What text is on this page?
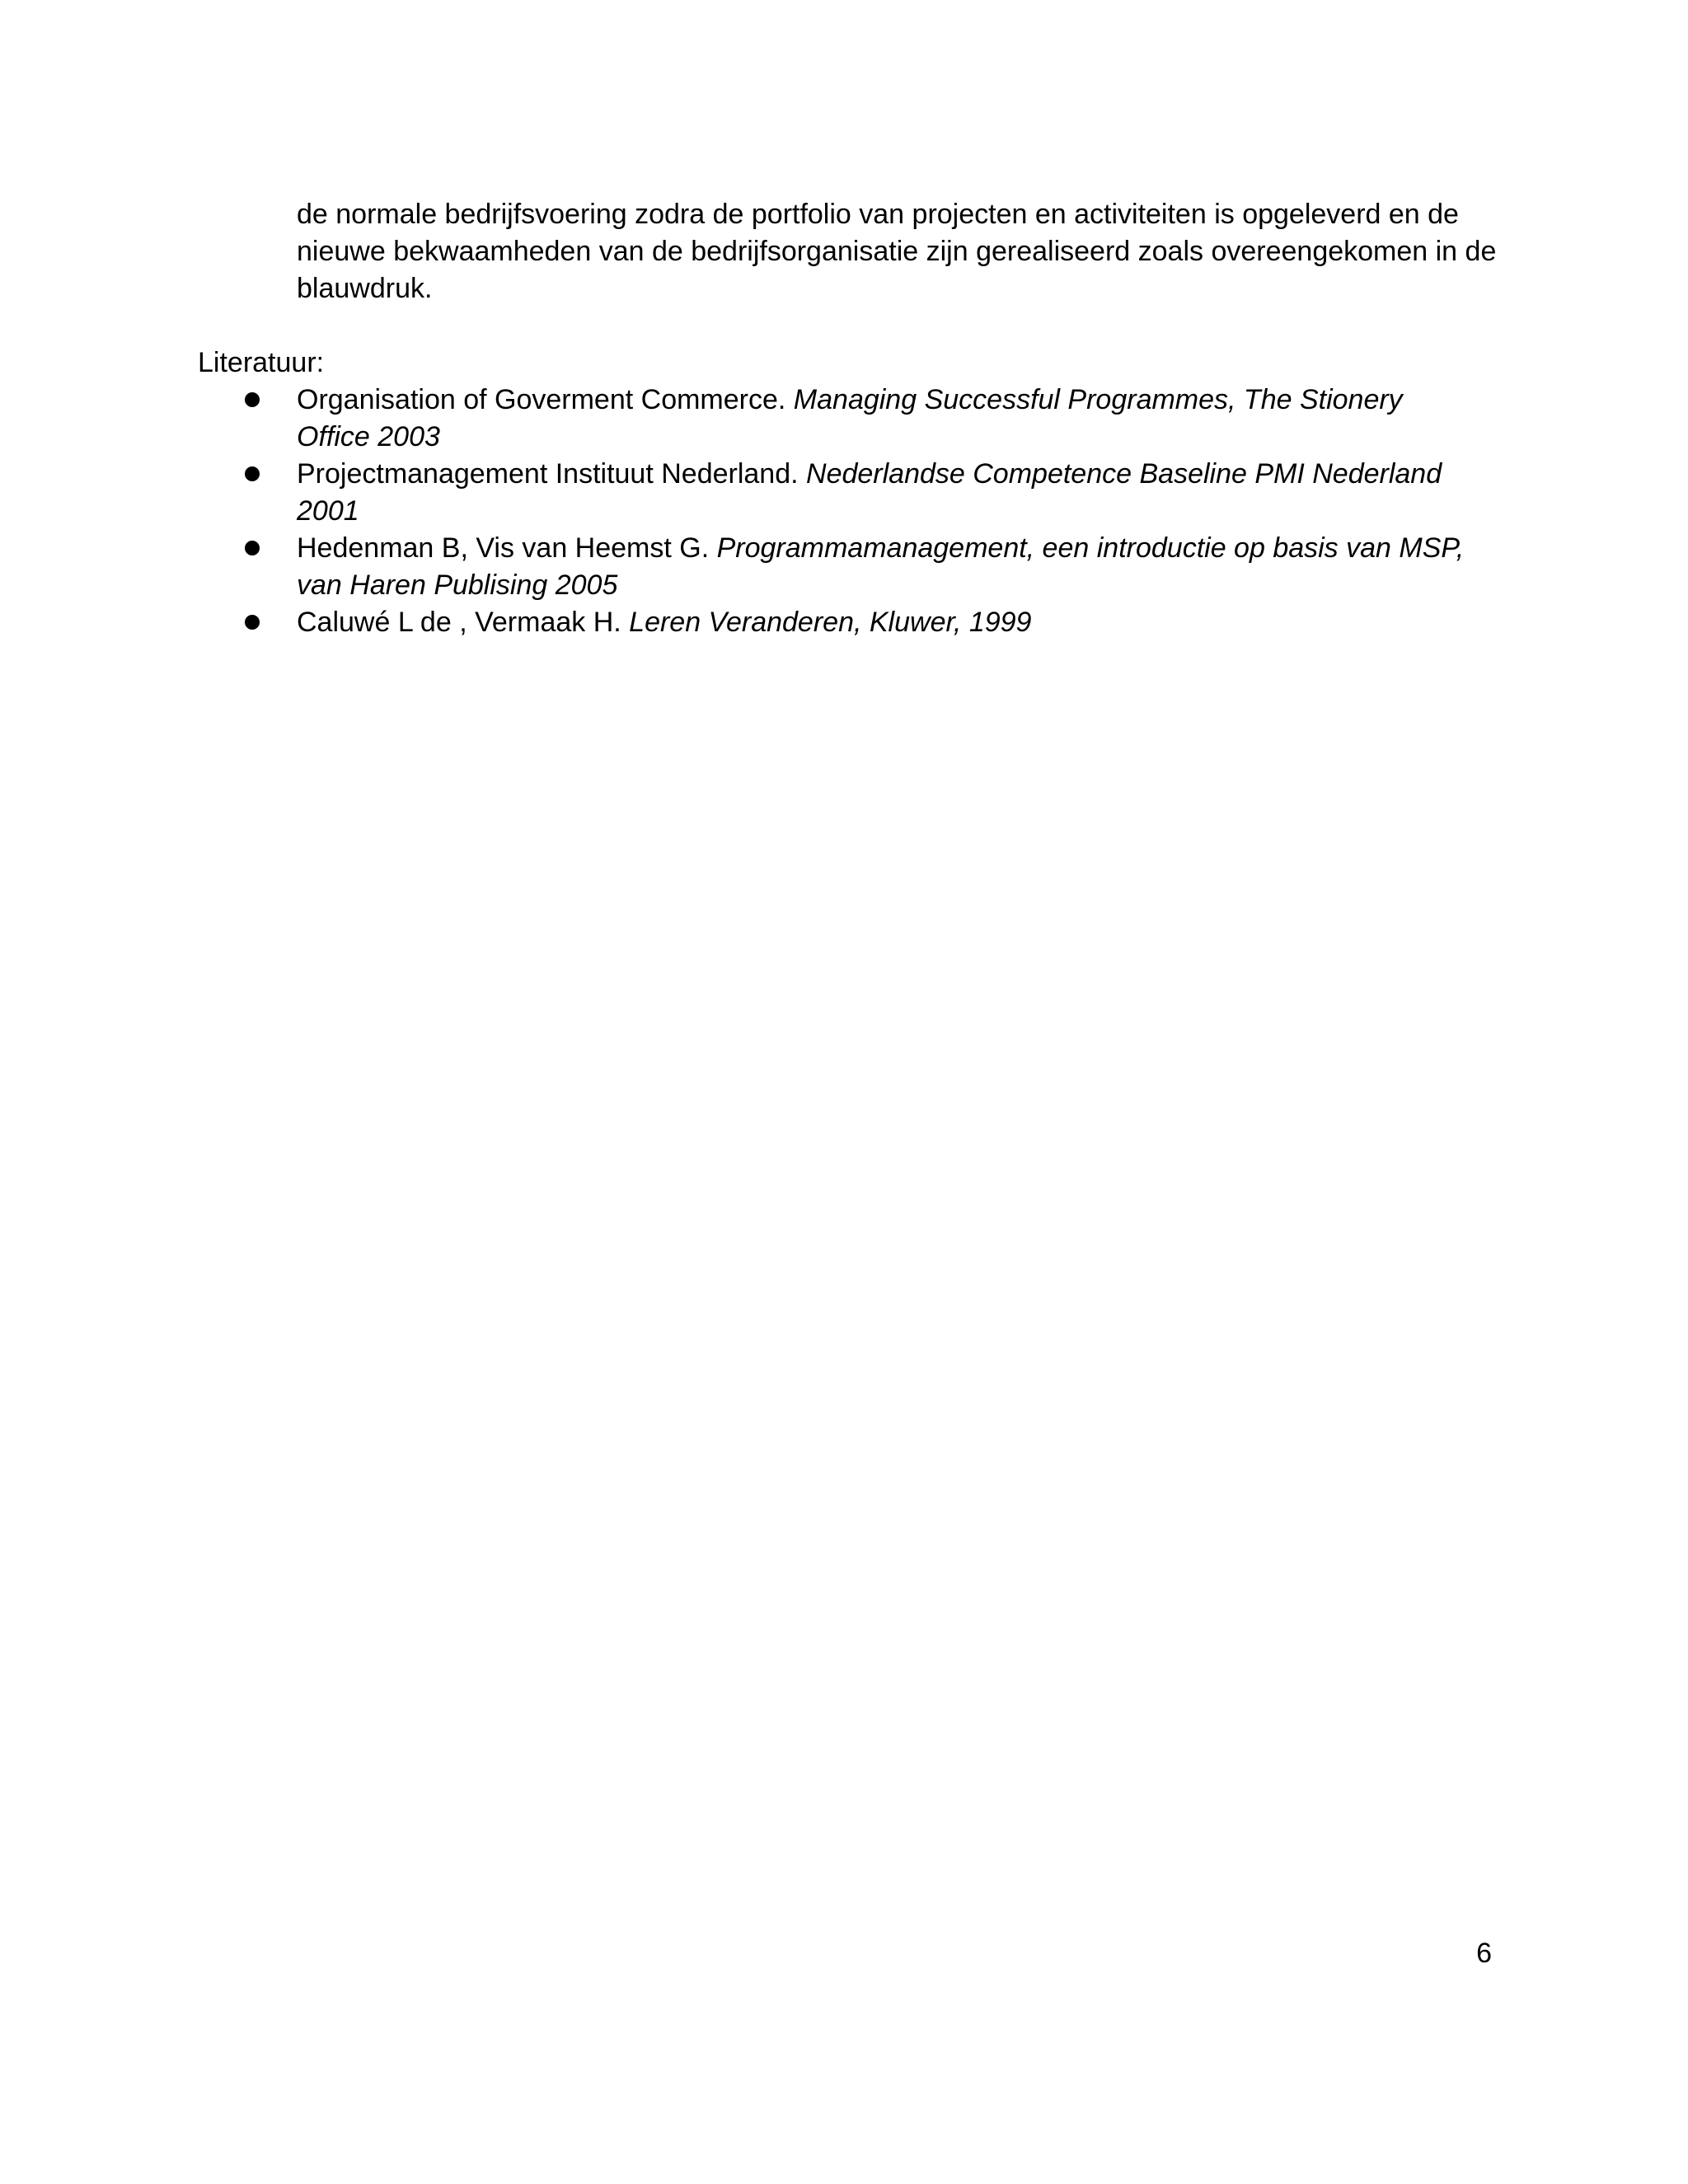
de normale bedrijfsvoering zodra de portfolio van projecten en activiteiten is opgeleverd en de nieuwe bekwaamheden van de bedrijfsorganisatie zijn gerealiseerd zoals overeengekomen in de blauwdruk.

Literatuur:

Organisation of Goverment Commerce. Managing Successful Programmes, The Stionery Office 2003
Projectmanagement Instituut Nederland. Nederlandse Competence Baseline PMI Nederland 2001
Hedenman B, Vis van Heemst G. Programmamanagement, een introductie op basis van MSP, van Haren Publising 2005
Caluwé L de , Vermaak H. Leren Veranderen, Kluwer, 1999
6
